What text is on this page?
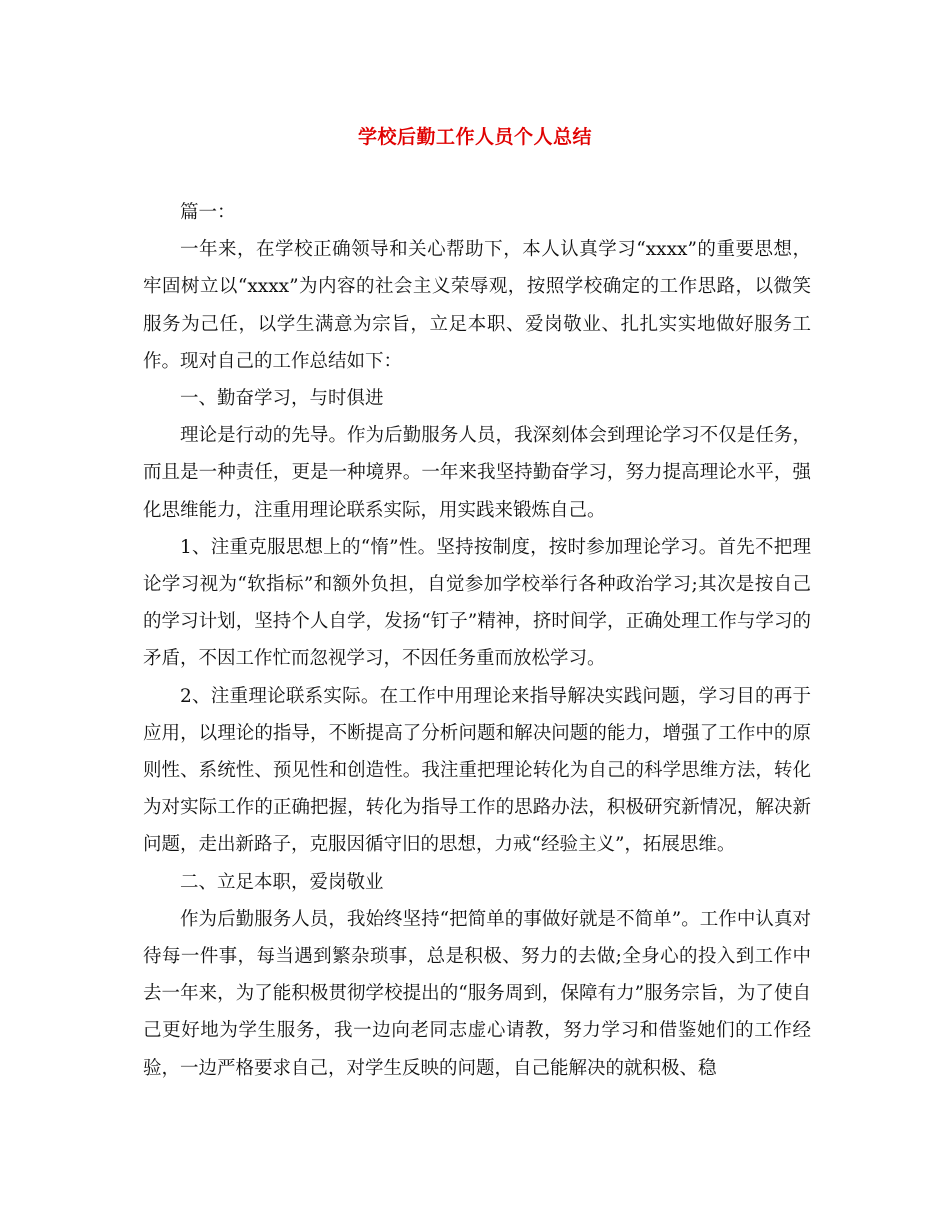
学校后勤工作人员个人总结

篇一：

一年来，在学校正确领导和关心帮助下，本人认真学习“xxxx”的重要思想，牢固树立以“xxxx”为内容的社会主义荣辱观，按照学校确定的工作思路，以微笑服务为己任，以学生满意为宗旨，立足本职、爱岗敬业、扎扎实实地做好服务工作。现对自己的工作总结如下：

一、勤奋学习，与时俱进

理论是行动的先导。作为后勤服务人员，我深刻体会到理论学习不仅是任务，而且是一种责任，更是一种境界。一年来我坚持勤奋学习，努力提高理论水平，强化思维能力，注重用理论联系实际，用实践来锻炼自己。

1、注重克服思想上的“惰”性。坚持按制度，按时参加理论学习。首先不把理论学习视为“软指标”和额外负担，自觉参加学校举行各种政治学习;其次是按自己的学习计划，坚持个人自学，发扬“钉子”精神，挤时间学，正确处理工作与学习的矛盾，不因工作忙而忽视学习，不因任务重而放松学习。

2、注重理论联系实际。在工作中用理论来指导解决实践问题，学习目的再于应用，以理论的指导，不断提高了分析问题和解决问题的能力，增强了工作中的原则性、系统性、预见性和创造性。我注重把理论转化为自己的科学思维方法，转化为对实际工作的正确把握，转化为指导工作的思路办法，积极研究新情况，解决新问题，走出新路子，克服因循守旧的思想，力戒“经验主义”，拓展思维。

二、立足本职，爱岗敬业

作为后勤服务人员，我始终坚持“把简单的事做好就是不简单”。工作中认真对待每一件事，每当遇到繁杂琐事，总是积极、努力的去做;全身心的投入到工作中去一年来，为了能积极贯彻学校提出的“服务周到，保障有力”服务宗旨，为了使自己更好地为学生服务，我一边向老同志虚心请教，努力学习和借鉴她们的工作经验，一边严格要求自己，对学生反映的问题，自己能解决的就积极、稳
